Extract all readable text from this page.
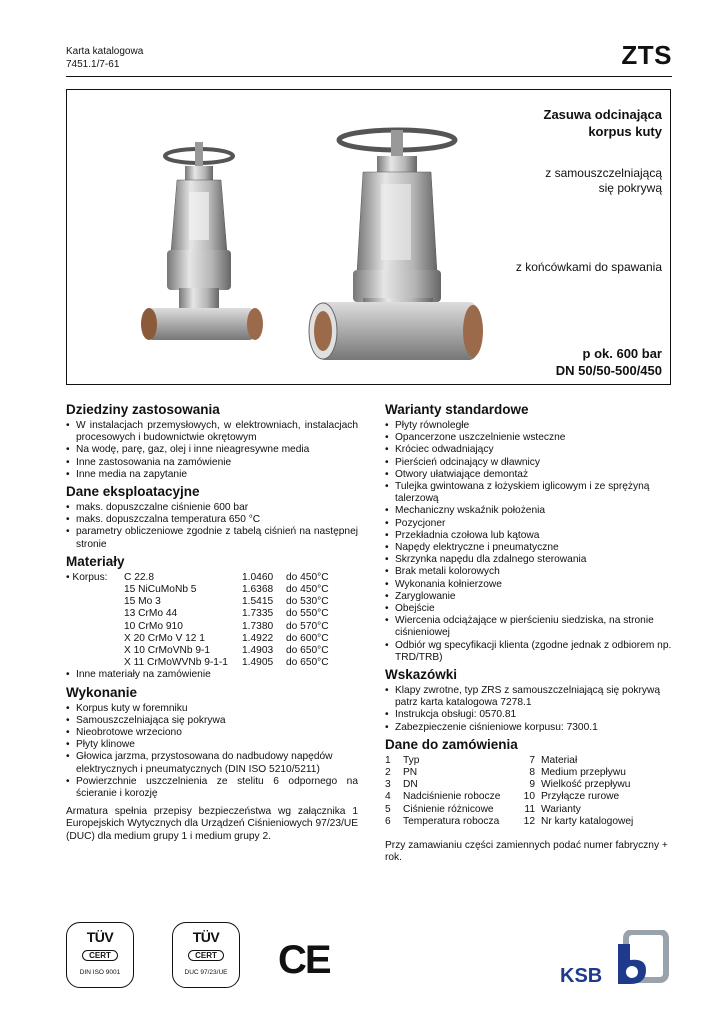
Karta katalogowa
7451.1/7-61	ZTS
Zasuwa odcinająca
korpus kuty
z samouszczelniającą
się pokrywą
z końcówkami do spawania
p ok. 600 bar
DN 50/50-500/450
Dziedziny zastosowania
• W instalacjach przemysłowych, w elektrowniach, instalacjach procesowych i budownictwie okrętowym
• Na wodę, parę, gaz, olej i inne nieagresywne media
• Inne zastosowania na zamówienie
• Inne media na zapytanie
Dane eksploatacyjne
• maks. dopuszczalne ciśnienie 600 bar
• maks. dopuszczalna temperatura 650 °C
• parametry obliczeniowe zgodnie z tabelą ciśnień na następnej stronie
Materiały
• Korpus:	C 22.8	1.0460	do 450°C
	15 NiCuMoNb 5	1.6368	do 450°C
	15 Mo 3	1.5415	do 530°C
	13 CrMo 44	1.7335	do 550°C
	10 CrMo 910	1.7380	do 570°C
	X 20 CrMo V 12 1	1.4922	do 600°C
	X 10 CrMoVNb 9-1	1.4903	do 650°C
	X 11 CrMoWVNb 9-1-1	1.4905	do 650°C
• Inne materiały na zamówienie
Wykonanie
• Korpus kuty w foremniku
• Samouszczelniająca się pokrywa
• Nieobrotowe wrzeciono
• Płyty klinowe
• Głowica jarzma, przystosowana do nadbudowy napędów elektrycznych i pneumatycznych (DIN ISO 5210/5211)
• Powierzchnie uszczelnienia ze stelitu 6 odpornego na ścieranie i korozję

Armatura spełnia przepisy bezpieczeństwa wg załącznika 1 Europejskich Wytycznych dla Urządzeń Ciśnieniowych 97/23/UE (DUC) dla medium grupy 1 i medium grupy 2.

Warianty standardowe
• Płyty równoległe
• Opancerzone uszczelnienie wsteczne
• Króciec odwadniający
• Pierścień odcinający w dławnicy
• Otwory ułatwiające demontaż
• Tulejka gwintowana z łożyskiem iglicowym i ze sprężyną talerzową
• Mechaniczny wskaźnik położenia
• Pozycjoner
• Przekładnia czołowa lub kątowa
• Napędy elektryczne i pneumatyczne
• Skrzynka napędu dla zdalnego sterowania
• Brak metali kolorowych
• Wykonania kołnierzowe
• Zaryglowanie
• Obejście
• Wiercenia odciążające w pierścieniu siedziska, na stronie ciśnieniowej
• Odbiór wg specyfikacji klienta (zgodne jednak z odbiorem np. TRD/TRB)
Wskazówki
• Klapy zwrotne, typ ZRS z samouszczelniającą się pokrywą patrz karta katalogowa 7278.1
• Instrukcja obsługi: 0570.81
• Zabezpieczenie ciśnieniowe korpusu: 7300.1
Dane do zamówienia
1	Typ	7	Materiał
2	PN	8	Medium przepływu
3	DN	9	Wielkość przepływu
4	Nadciśnienie robocze	10	Przyłącze rurowe
5	Ciśnienie różnicowe	11	Warianty
6	Temperatura robocza	12	Nr karty katalogowej

Przy zamawianiu części zamiennych podać numer fabryczny + rok.

TÜV
CERT
DIN ISO 9001
TÜV
CERT
DUC 97/23/UE CE	KSB
